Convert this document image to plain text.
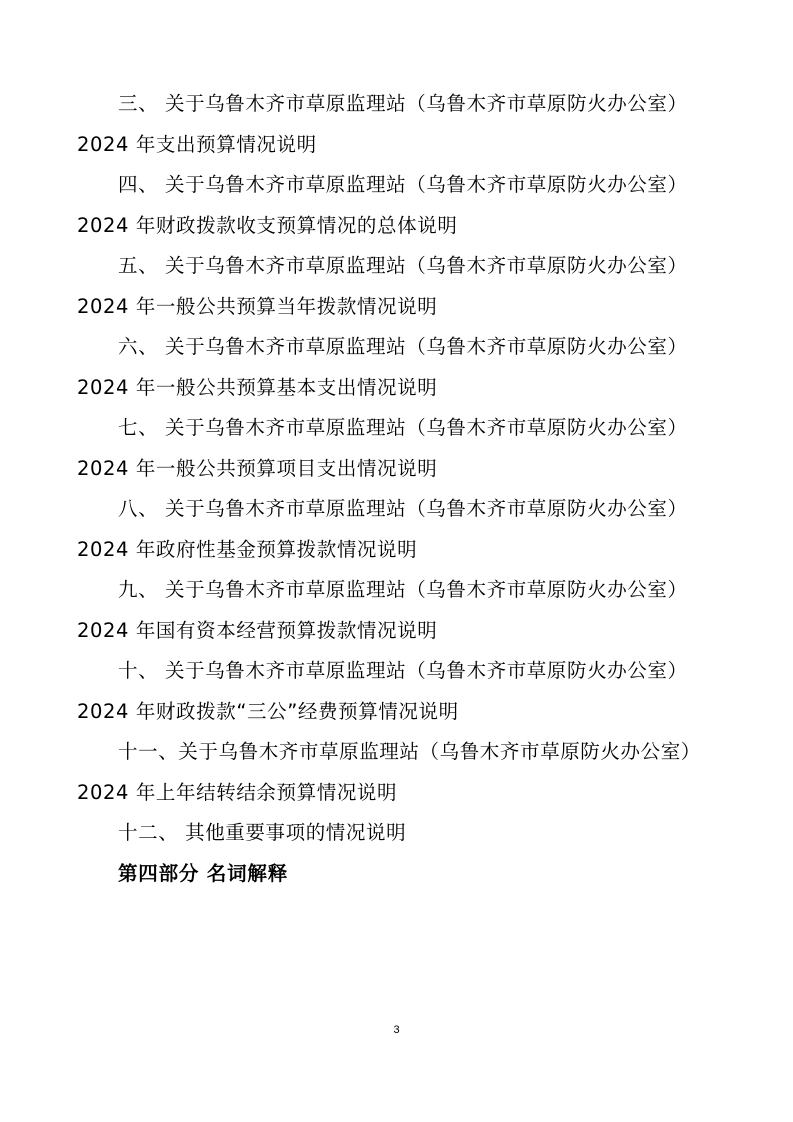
三、 关于乌鲁木齐市草原监理站（乌鲁木齐市草原防火办公室）
2024 年支出预算情况说明
四、 关于乌鲁木齐市草原监理站（乌鲁木齐市草原防火办公室）
2024 年财政拨款收支预算情况的总体说明
五、 关于乌鲁木齐市草原监理站（乌鲁木齐市草原防火办公室）
2024 年一般公共预算当年拨款情况说明
六、 关于乌鲁木齐市草原监理站（乌鲁木齐市草原防火办公室）
2024 年一般公共预算基本支出情况说明
七、 关于乌鲁木齐市草原监理站（乌鲁木齐市草原防火办公室）
2024 年一般公共预算项目支出情况说明
八、 关于乌鲁木齐市草原监理站（乌鲁木齐市草原防火办公室）
2024 年政府性基金预算拨款情况说明
九、 关于乌鲁木齐市草原监理站（乌鲁木齐市草原防火办公室）
2024 年国有资本经营预算拨款情况说明
十、 关于乌鲁木齐市草原监理站（乌鲁木齐市草原防火办公室）
2024 年财政拨款“三公”经费预算情况说明
十一、关于乌鲁木齐市草原监理站（乌鲁木齐市草原防火办公室）
2024 年上年结转结余预算情况说明
十二、 其他重要事项的情况说明
第四部分 名词解释
3
